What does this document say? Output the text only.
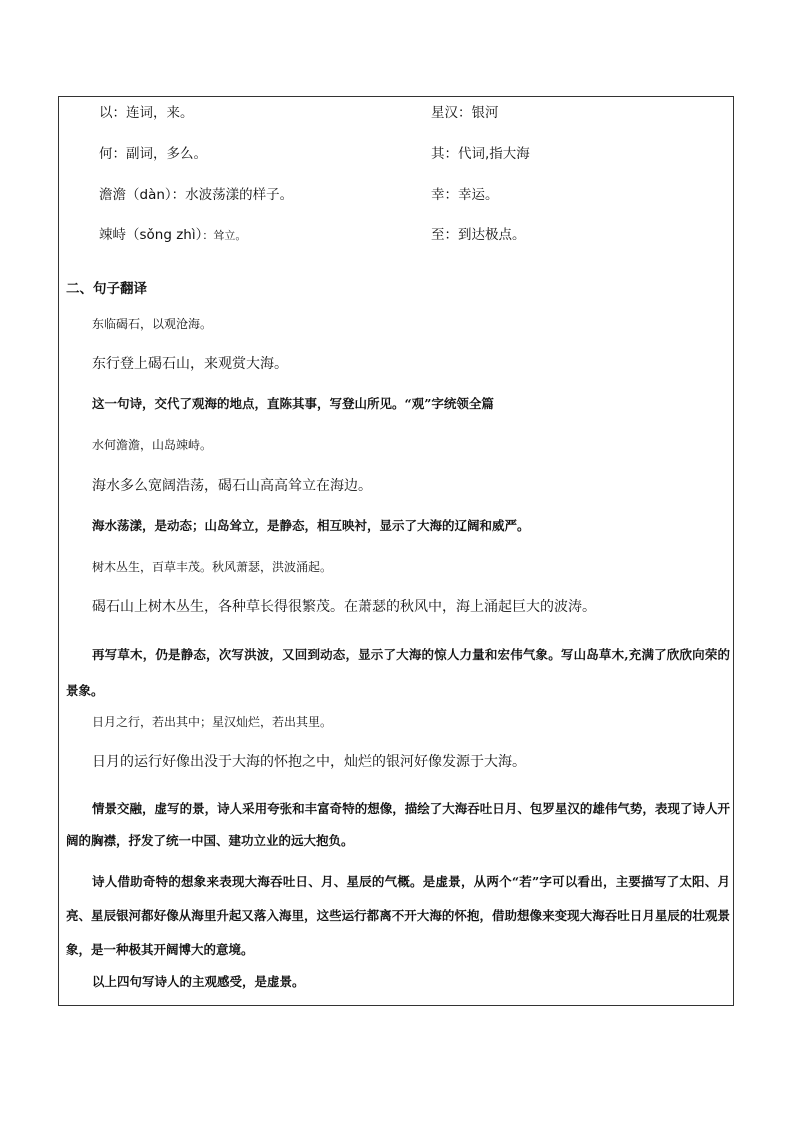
以：连词，来。
何：副词，多么。
澹澹（dàn）：水波荡漾的样子。
竦峙（sǒng zhì）：耸立。
星汉：银河
其：代词,指大海
幸：幸运。
至：到达极点。
二、句子翻译
东临碣石，以观沧海。
东行登上碣石山，来观赏大海。
这一句诗，交代了观海的地点，直陈其事，写登山所见。“观”字统领全篇
水何澹澹，山岛竦峙。
海水多么宽阔浩荡，碣石山高高耸立在海边。
海水荡漾，是动态；山岛耸立，是静态，相互映衬，显示了大海的辽阔和威严。
树木丛生，百草丰茂。秋风萧瑟，洪波涌起。
碣石山上树木丛生，各种草长得很繁茂。在萧瑟的秋风中，海上涌起巨大的波涛。
再写草木，仍是静态，次写洪波，又回到动态，显示了大海的惊人力量和宏伟气象。写山岛草木,充满了欣欣向荣的景象。
日月之行，若出其中；星汉灿烂，若出其里。
日月的运行好像出没于大海的怀抱之中，灿烂的银河好像发源于大海。
情景交融，虚写的景，诗人采用夸张和丰富奇特的想像，描绘了大海吞吐日月、包罗星汉的雄伟气势，表现了诗人开阔的胸襟，抒发了统一中国、建功立业的远大抱负。
诗人借助奇特的想象来表现大海吞吐日、月、星辰的气概。是虚景，从两个“若”字可以看出，主要描写了太阳、月亮、星辰银河都好像从海里升起又落入海里，这些运行都离不开大海的怀抱，借助想像来变现大海吞吐日月星辰的壮观景象，是一种极其开阔博大的意境。
以上四句写诗人的主观感受，是虚景。
